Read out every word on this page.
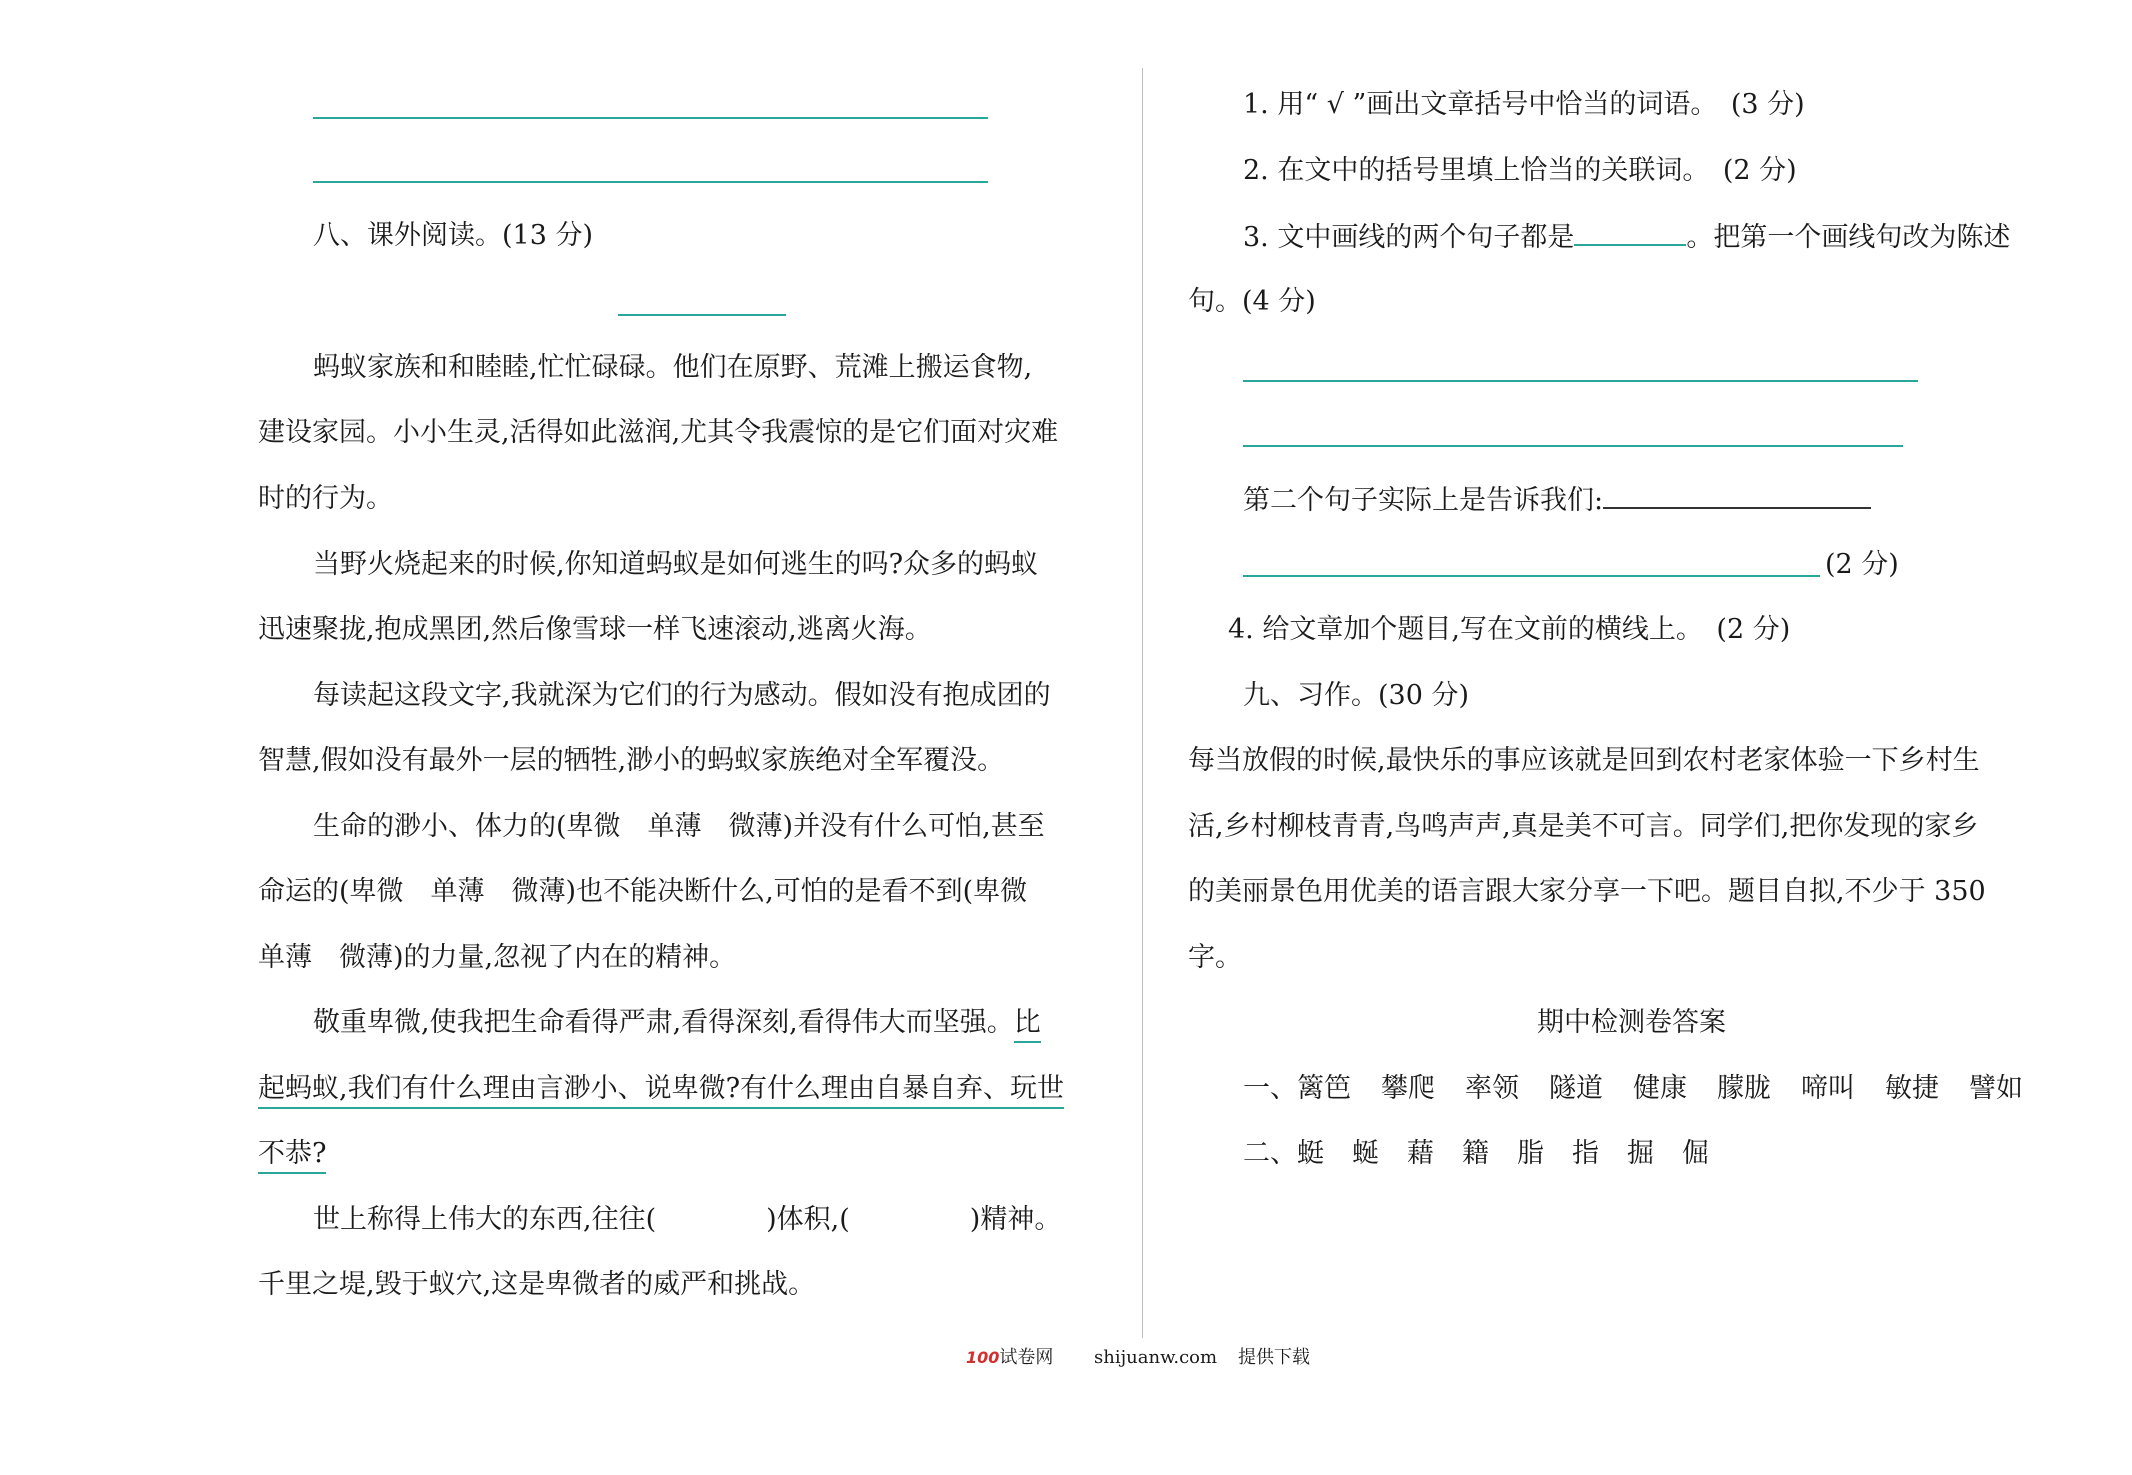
八、课外阅读。(13 分)
蚂蚁家族和和睦睦,忙忙碌碌。他们在原野、荒滩上搬运食物,
建设家园。小小生灵,活得如此滋润,尤其令我震惊的是它们面对灾难
时的行为。
当野火烧起来的时候,你知道蚂蚁是如何逃生的吗?众多的蚂蚁
迅速聚拢,抱成黑团,然后像雪球一样飞速滚动,逃离火海。
每读起这段文字,我就深为它们的行为感动。假如没有抱成团的
智慧,假如没有最外一层的牺牲,渺小的蚂蚁家族绝对全军覆没。
生命的渺小、体力的(卑微　单薄　微薄)并没有什么可怕,甚至
命运的(卑微　单薄　微薄)也不能决断什么,可怕的是看不到(卑微
单薄　微薄)的力量,忽视了内在的精神。
敬重卑微,使我把生命看得严肃,看得深刻,看得伟大而坚强。比
起蚂蚁,我们有什么理由言渺小、说卑微?有什么理由自暴自弃、玩世
不恭?
世上称得上伟大的东西,往往(	)体积,(	)精神。
千里之堤,毁于蚁穴,这是卑微者的威严和挑战。
1. 用“ √ ”画出文章括号中恰当的词语。　(3 分)
2. 在文中的括号里填上恰当的关联词。　(2 分)
3. 文中画线的两个句子都是	。把第一个画线句改为陈述
句。(4 分)
第二个句子实际上是告诉我们:
(2 分)
4. 给文章加个题目,写在文前的横线上。　(2 分)
九、习作。(30 分)
每当放假的时候,最快乐的事应该就是回到农村老家体验一下乡村生
活,乡村柳枝青青,鸟鸣声声,真是美不可言。同学们,把你发现的家乡
的美丽景色用优美的语言跟大家分享一下吧。题目自拟,不少于 350
字。
期中检测卷答案
一、篱笆 攀爬 率领 隧道 健康 朦胧 啼叫 敏捷 譬如
二、蜓 蜒 藉 籍 脂 指 掘 倔
100试卷网 shijuanw.com 提供下载
